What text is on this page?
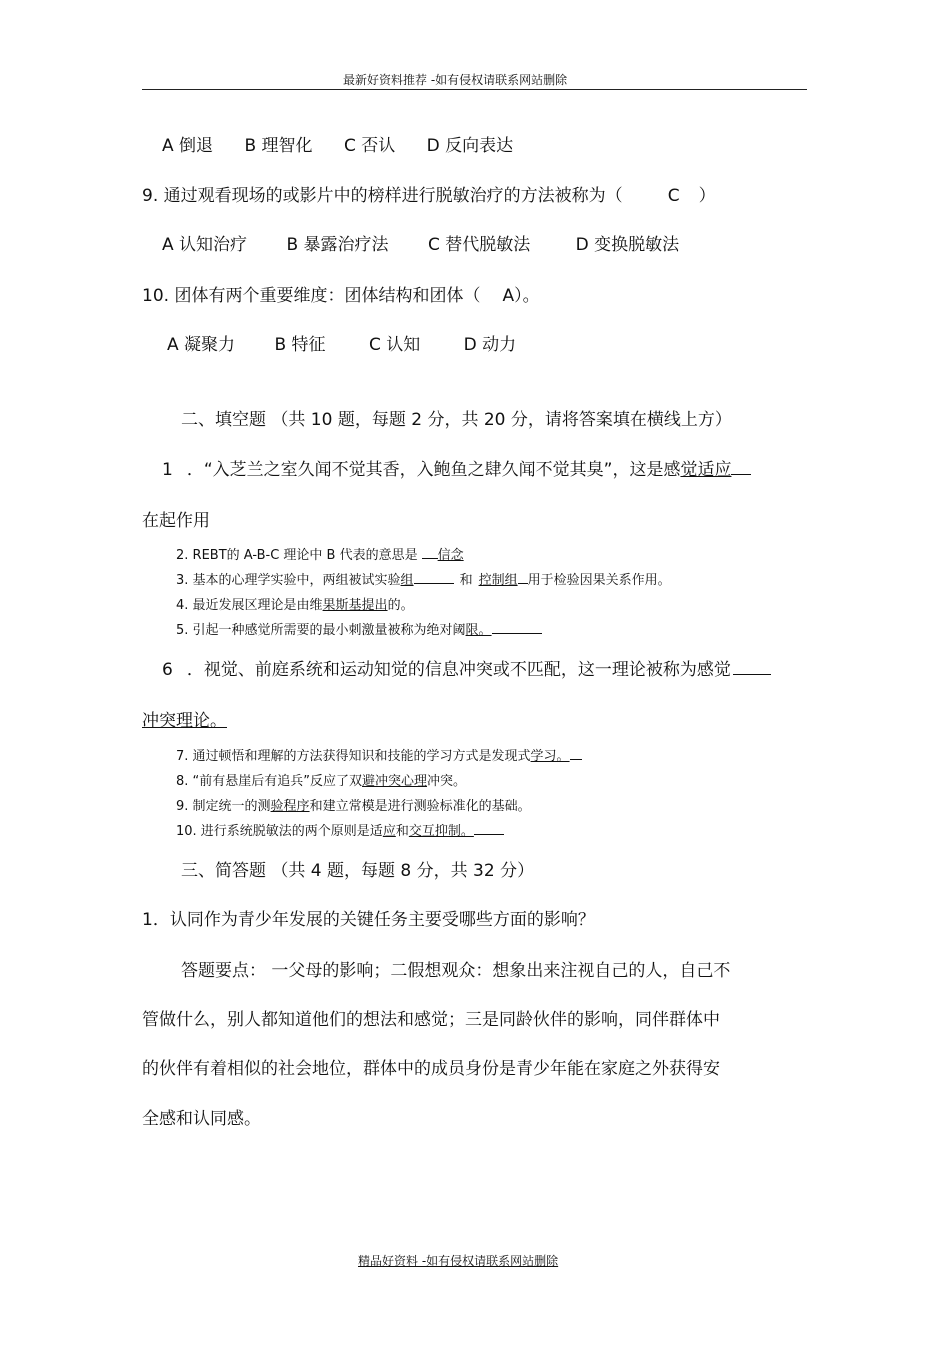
最新好资料推荐 -如有侵权请联系网站删除
A 倒退 B 理智化 C 否认 D 反向表达
9. 通过观看现场的或影片中的榜样进行脱敏治疗的方法被称为（	C ）
A 认知治疗 B 暴露治疗法 C 替代脱敏法	D 变换脱敏法
10. 团体有两个重要维度：团体结构和团体（ A）。
A 凝聚力 B 特征	C 认知	D 动力
二、填空题 （共 10 题，每题 2 分，共 20 分，请将答案填在横线上方）
1 ．“入芝兰之室久闻不觉其香，入鲍鱼之肆久闻不觉其臭”，这是感觉适应
在起作用
2. REBT的 A-B-C 理论中 B 代表的意思是 信念
3. 基本的心理学实验中，两组被试实验组	和 控制组 用于检验因果关系作用。
4. 最近发展区理论是由维果斯基提出的。
5. 引起一种感觉所需要的最小刺激量被称为绝对阈限。
6 ．视觉、前庭系统和运动知觉的信息冲突或不匹配，这一理论被称为感觉
冲突理论。
7. 通过顿悟和理解的方法获得知识和技能的学习方式是发现式学习。
8. “前有悬崖后有追兵”反应了双避冲突心理冲突。
9. 制定统一的测验程序和建立常模是进行测验标准化的基础。
10. 进行系统脱敏法的两个原则是适应和交互抑制。
三、简答题 （共 4 题，每题 8 分，共 32 分）
1．认同作为青少年发展的关键任务主要受哪些方面的影响？
答题要点： 一父母的影响；二假想观众：想象出来注视自己的人，自己不
管做什么，别人都知道他们的想法和感觉；三是同龄伙伴的影响，同伴群体中
的伙伴有着相似的社会地位，群体中的成员身份是青少年能在家庭之外获得安
全感和认同感。
精品好资料 -如有侵权请联系网站删除
